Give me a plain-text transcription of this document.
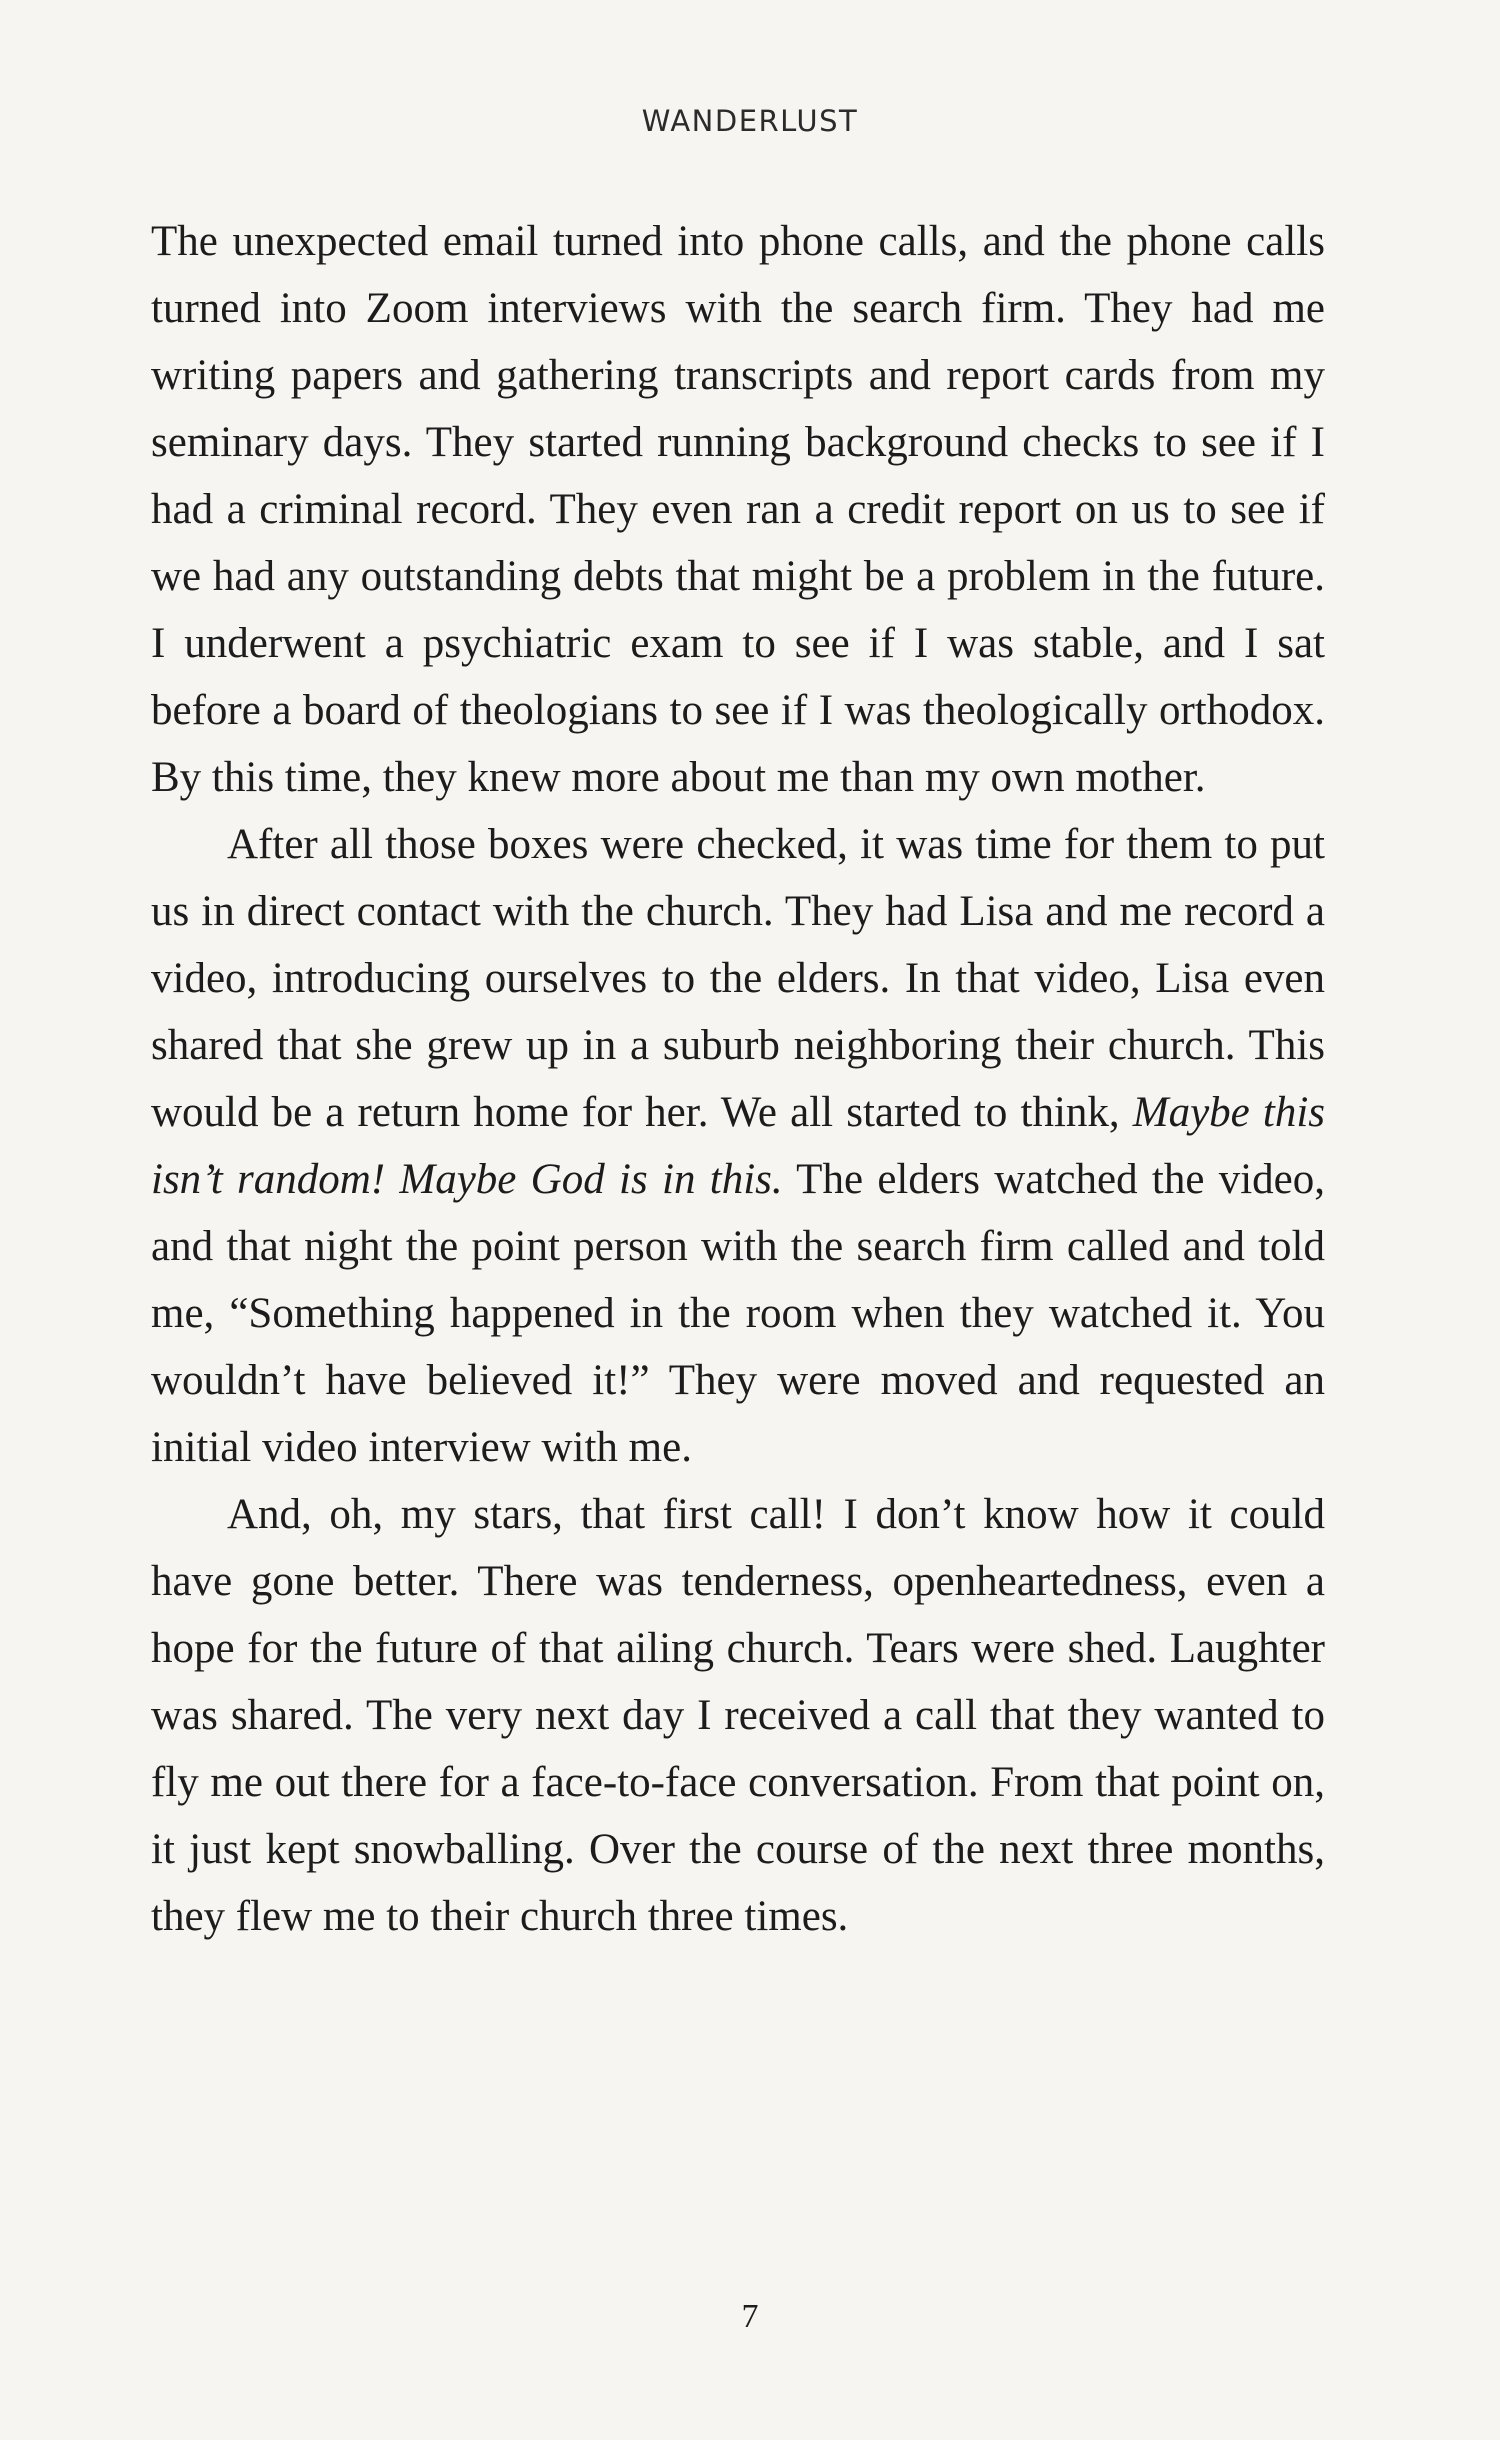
WANDERLUST

The unexpected email turned into phone calls, and the phone calls turned into Zoom interviews with the search firm. They had me writing papers and gathering transcripts and report cards from my seminary days. They started running background checks to see if I had a criminal record. They even ran a credit report on us to see if we had any outstanding debts that might be a problem in the future. I underwent a psychiatric exam to see if I was stable, and I sat before a board of theologians to see if I was theologically orthodox. By this time, they knew more about me than my own mother.

After all those boxes were checked, it was time for them to put us in direct contact with the church. They had Lisa and me record a video, introducing ourselves to the elders. In that video, Lisa even shared that she grew up in a suburb neighboring their church. This would be a return home for her. We all started to think, Maybe this isn’t random! Maybe God is in this. The elders watched the video, and that night the point person with the search firm called and told me, “Something happened in the room when they watched it. You wouldn’t have believed it!” They were moved and requested an initial video interview with me.

And, oh, my stars, that first call! I don’t know how it could have gone better. There was tenderness, openheartedness, even a hope for the future of that ailing church. Tears were shed. Laughter was shared. The very next day I received a call that they wanted to fly me out there for a face-to-face conversation. From that point on, it just kept snowballing. Over the course of the next three months, they flew me to their church three times.

7
